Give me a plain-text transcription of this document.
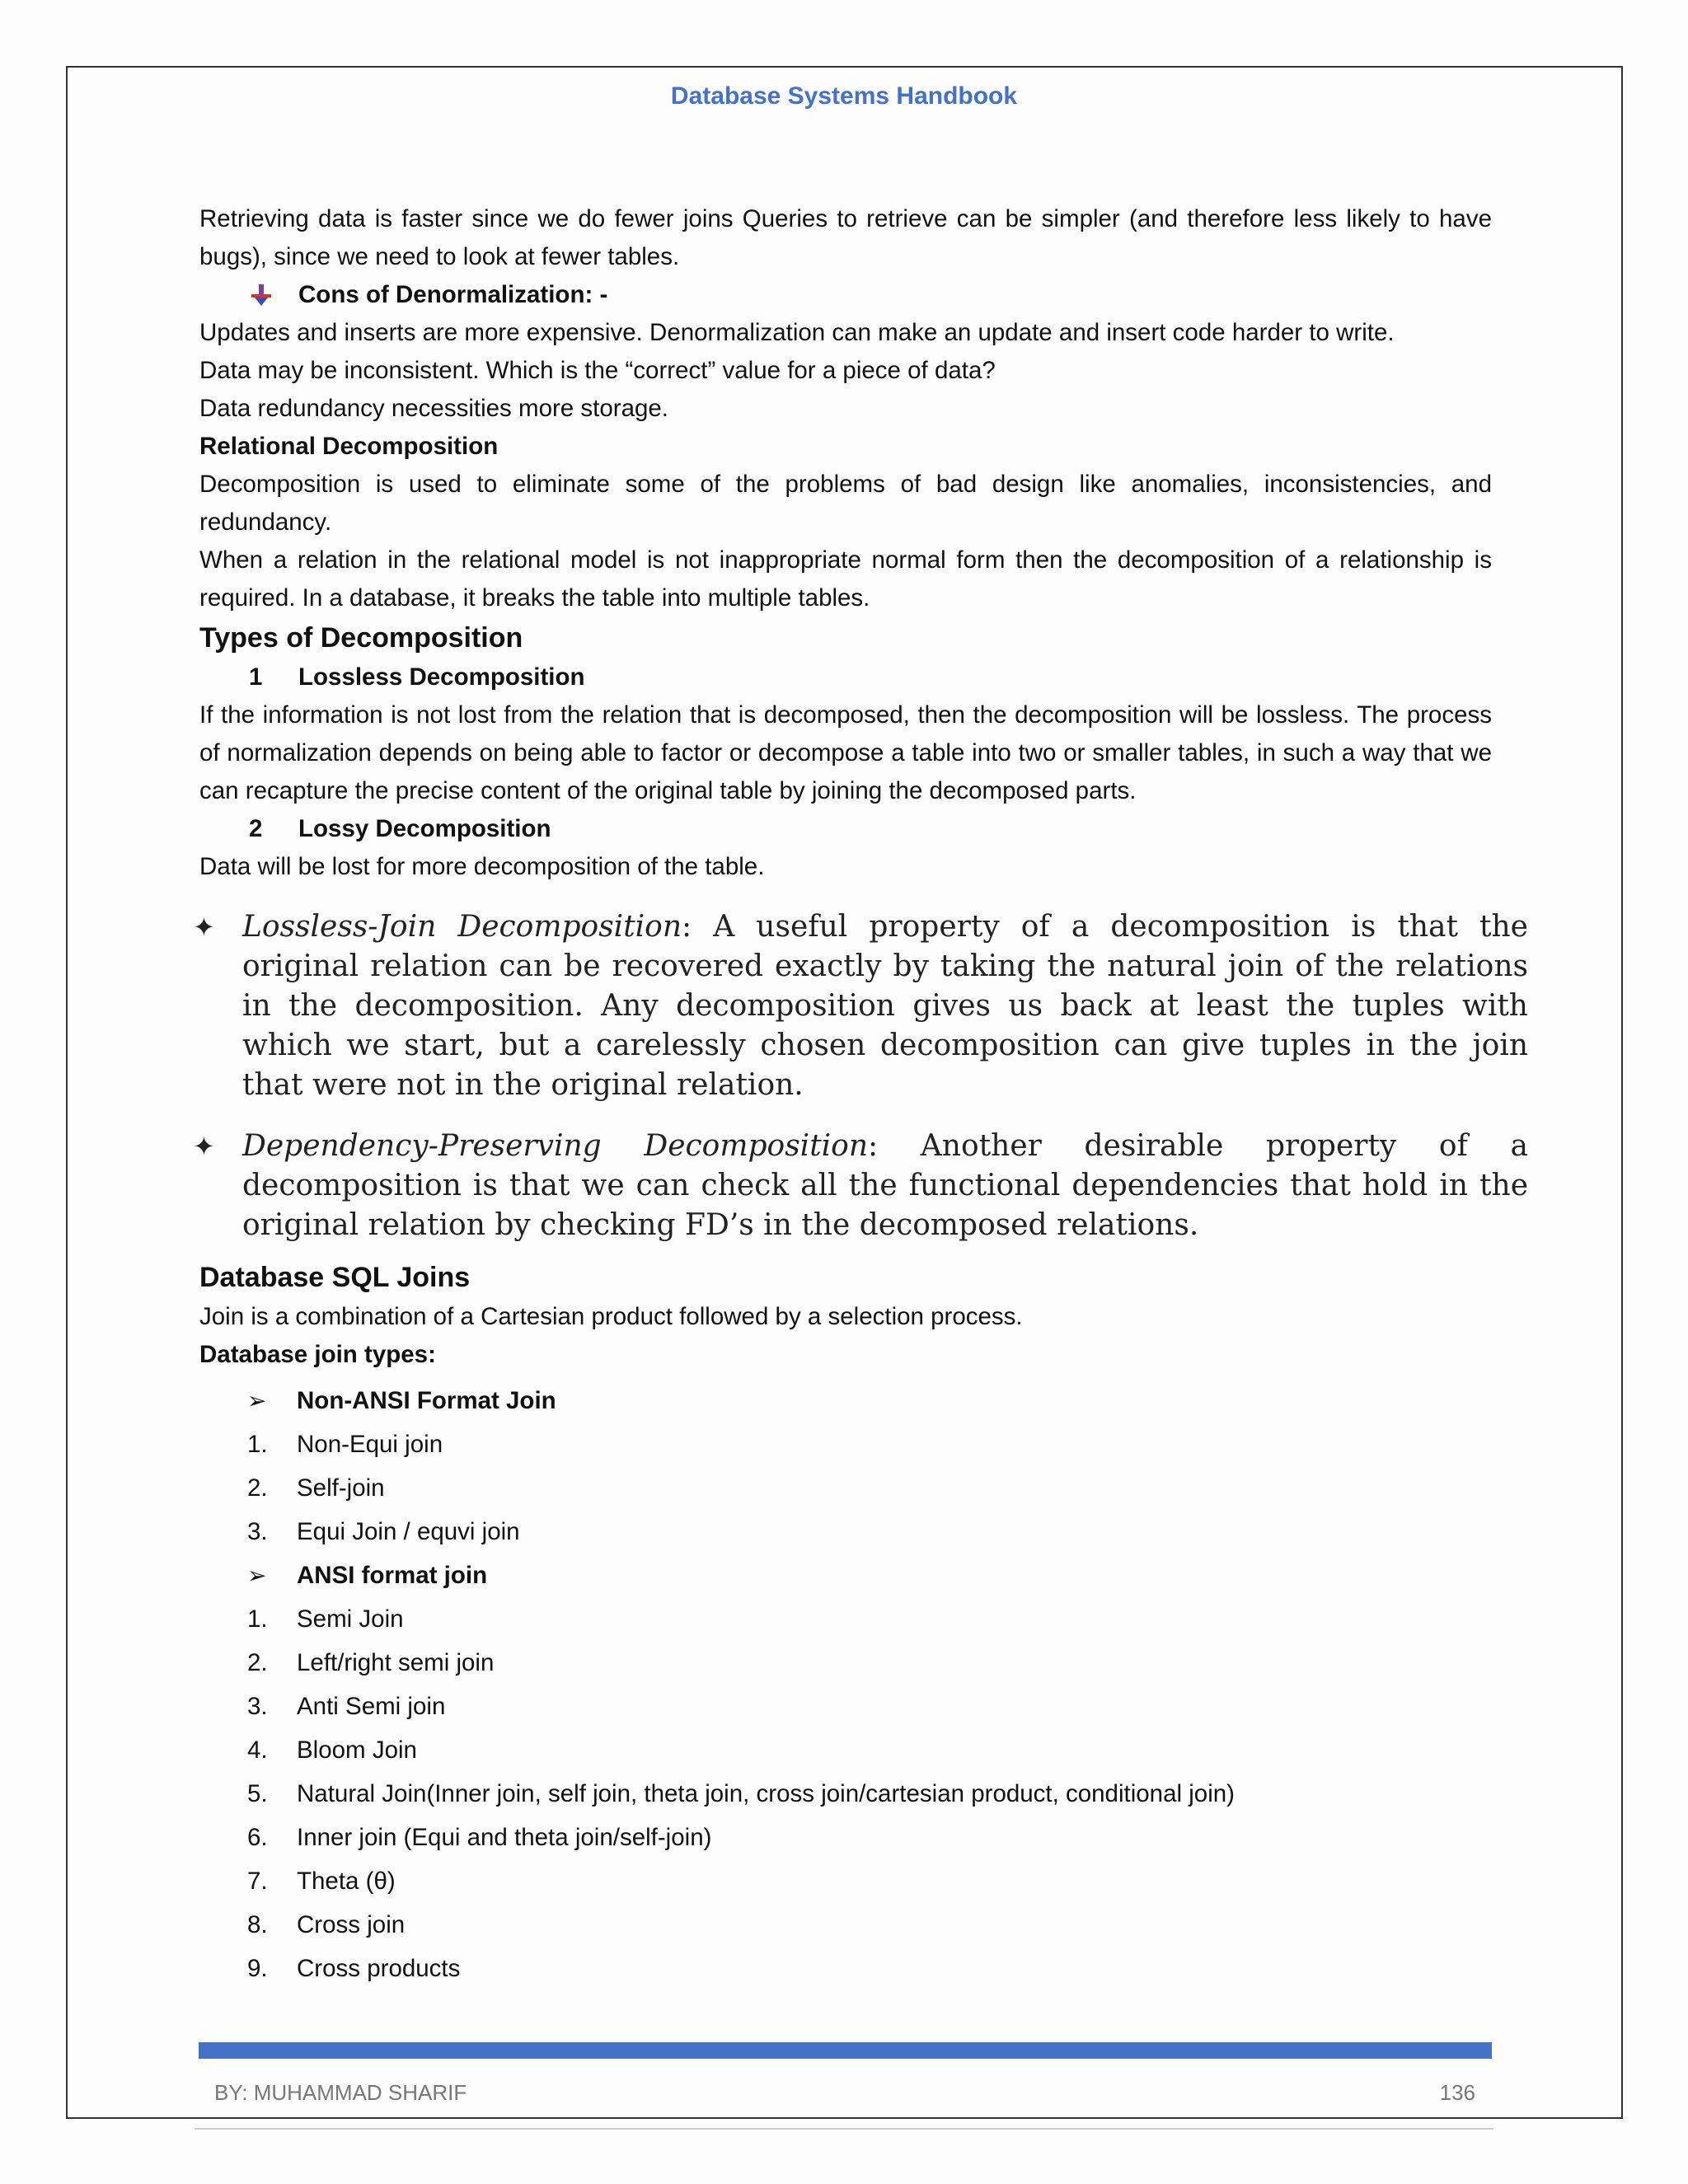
Database Systems Handbook

Retrieving data is faster since we do fewer joins Queries to retrieve can be simpler (and therefore less likely to have bugs), since we need to look at fewer tables.

Cons of Denormalization: -

Updates and inserts are more expensive. Denormalization can make an update and insert code harder to write.

Data may be inconsistent. Which is the “correct” value for a piece of data?

Data redundancy necessities more storage.

Relational Decomposition

Decomposition is used to eliminate some of the problems of bad design like anomalies, inconsistencies, and redundancy.

When a relation in the relational model is not inappropriate normal form then the decomposition of a relationship is required. In a database, it breaks the table into multiple tables.

Types of Decomposition

1	Lossless Decomposition

If the information is not lost from the relation that is decomposed, then the decomposition will be lossless. The process of normalization depends on being able to factor or decompose a table into two or smaller tables, in such a way that we can recapture the precise content of the original table by joining the decomposed parts.

2	Lossy Decomposition

Data will be lost for more decomposition of the table.

✦ Lossless-Join Decomposition: A useful property of a decomposition is that the original relation can be recovered exactly by taking the natural join of the relations in the decomposition. Any decomposition gives us back at least the tuples with which we start, but a carelessly chosen decomposition can give tuples in the join that were not in the original relation.
✦ Dependency-Preserving Decomposition: Another desirable property of a decomposition is that we can check all the functional dependencies that hold in the original relation by checking FD’s in the decomposed relations.

Database SQL Joins

Join is a combination of a Cartesian product followed by a selection process.

Database join types:

➢	Non-ANSI Format Join
1.	Non-Equi join
2.	Self-join
3.	Equi Join / equvi join
➢	ANSI format join
1.	Semi Join
2.	Left/right semi join
3.	Anti Semi join
4.	Bloom Join
5.	Natural Join(Inner join, self join, theta join, cross join/cartesian product, conditional join)
6.	Inner join (Equi and theta join/self-join)
7.	Theta (θ)
8.	Cross join
9.	Cross products
BY: MUHAMMAD SHARIF	136
